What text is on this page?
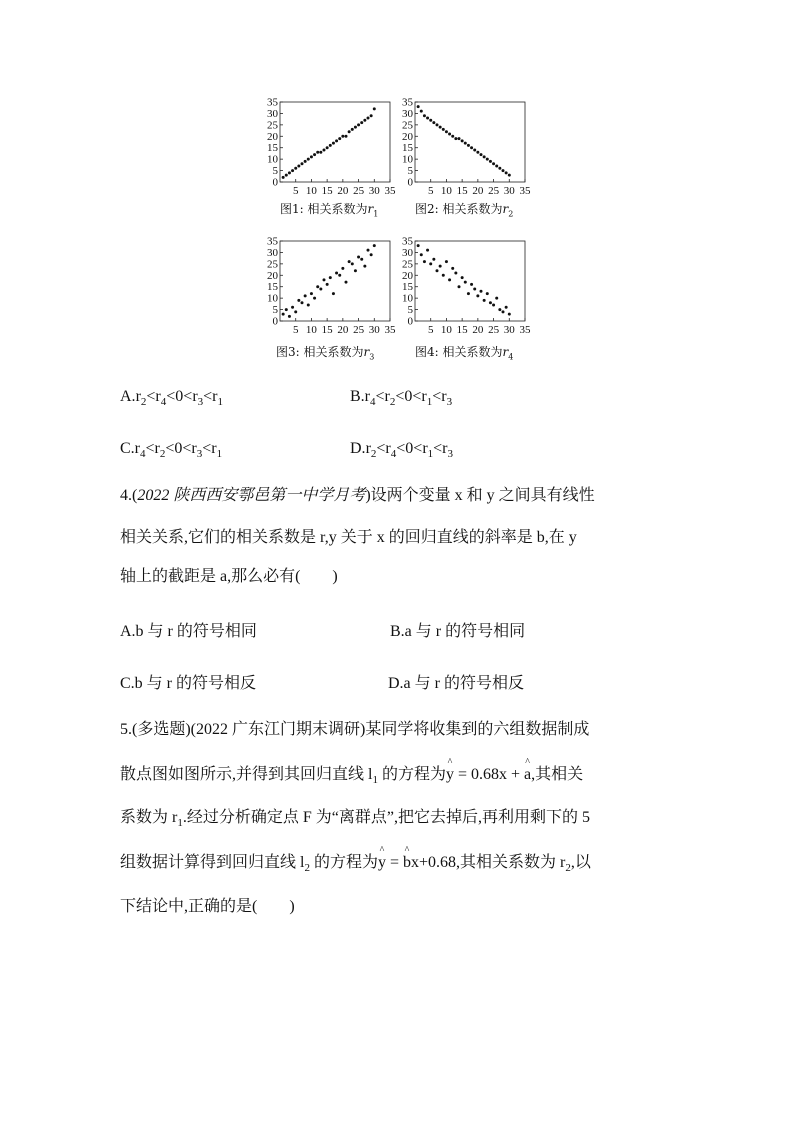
0
5
10
15
20
25
30
35
5 10 15 20 25 30 35
图1: 相关系数为$r_1$
0
5
10
15
20
25
30
35
5 10 15 20 25 30 35
图2: 相关系数为$r_2$
0
5
10
15
20
25
30
35
5 10 15 20 25 30 35
图3: 相关系数为$r_3$
0
5
10
15
20
25
30
35
5 10 15 20 25 30 35
图4: 相关系数为$r_4$
$A.r_2<r_4<0<r_3<r_1$	$B.r_4<r_2<0<r_1<r_3$
$C.r_4<r_2<0<r_3<r_1$	$D.r_2<r_4<0<r_1<r_3$
4.(2022 陕西西安鄠邑第一中学月考)设两个变量 x 和 y 之间具有线性
相关关系,它们的相关系数是 r,y 关于 x 的回归直线的斜率是 b,在 y
轴上的截距是 a,那么必有(　　)
A.b 与 r 的符号相同	B.a 与 r 的符号相同
C.b 与 r 的符号相反	D.a 与 r 的符号相反
5.(多选题)(2022 广东江门期末调研)某同学将收集到的六组数据制成
散点图如图所示,并得到其回归直线 $l_1$ 的方程为^ y = 0.68x + ^ a,其相关
系数为 $r_1$.经过分析确定点 F 为“离群点”,把它去掉后,再利用剩下的 5
组数据计算得到回归直线 $l_2$ 的方程为^ y = ^ bx+0.68,其相关系数为 $r_2$,以
下结论中,正确的是(　　)
